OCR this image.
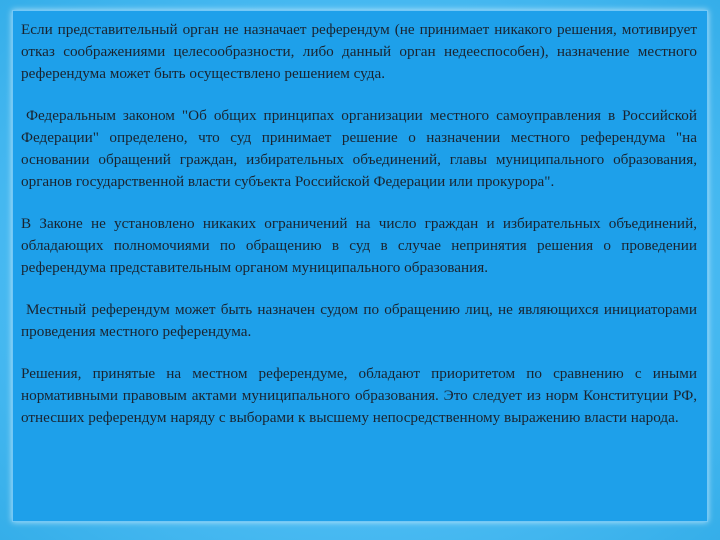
Если представительный орган не назначает референдум (не принимает никакого решения, мотивирует отказ соображениями целесообразности, либо данный орган недееспособен), назначение местного референдума может быть осуществлено решением суда.

Федеральным законом "Об общих принципах организации местного самоуправления в Российской Федерации" определено, что суд принимает решение о назначении местного референдума "на основании обращений граждан, избирательных объединений, главы муниципального образования, органов государственной власти субъекта Российской Федерации или прокурора".

В Законе не установлено никаких ограничений на число граждан и избирательных объединений, обладающих полномочиями по обращению в суд в случае непринятия решения о проведении референдума представительным органом муниципального образования.

Местный референдум может быть назначен судом по обращению лиц, не являющихся инициаторами проведения местного референдума.

Решения, принятые на местном референдуме, обладают приоритетом по сравнению с иными нормативными правовым актами муниципального образования. Это следует из норм Конституции РФ, отнесших референдум наряду с выборами к высшему непосредственному выражению власти народа.
